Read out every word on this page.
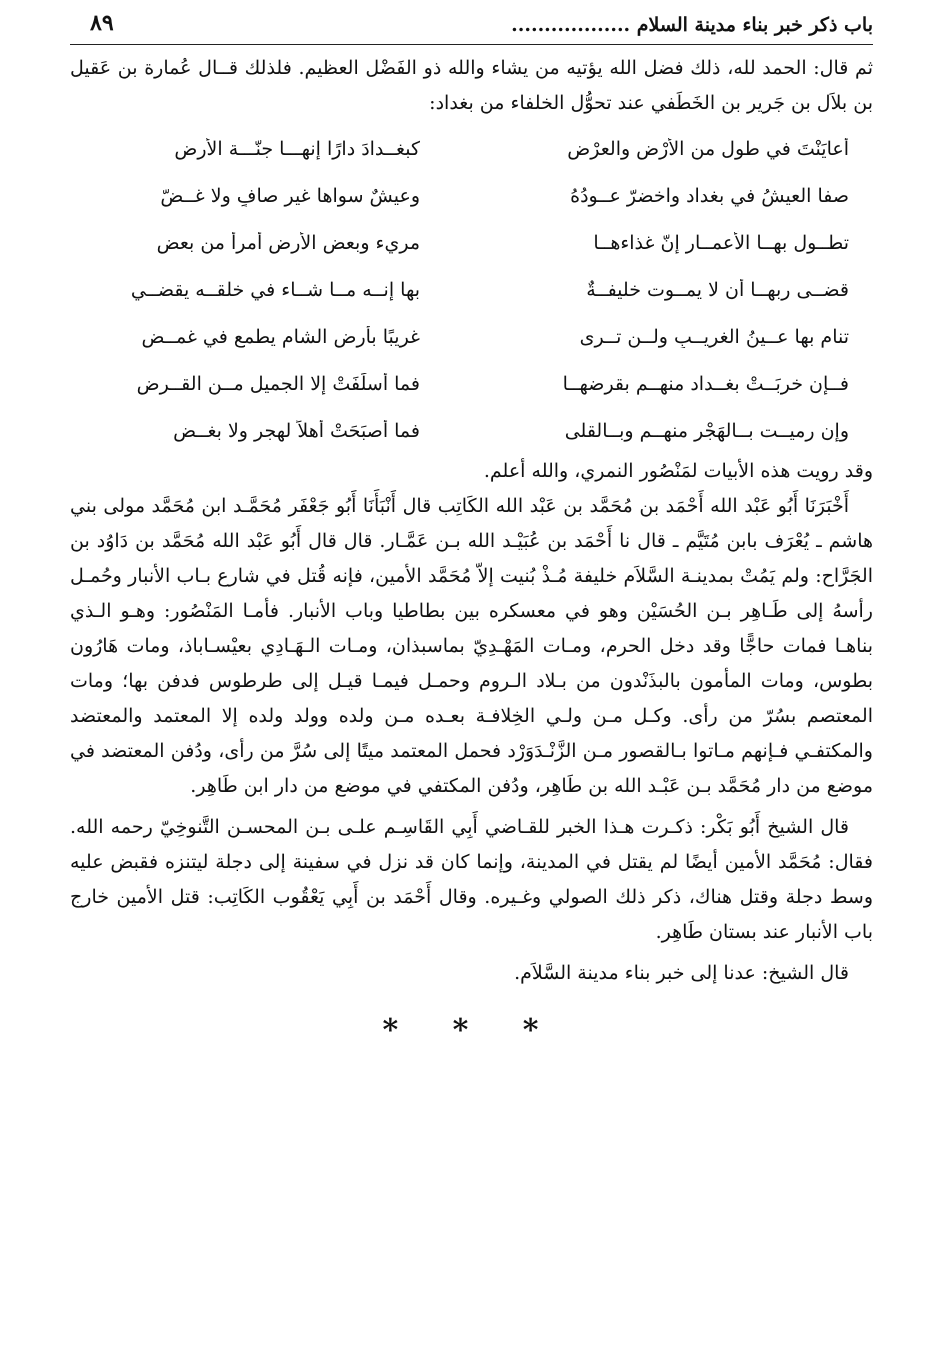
باب ذكر خبر بناء مدينة السلام ..................
٨٩

ثم قال: الحمد لله، ذلك فضل الله يؤتيه من يشاء والله ذو الفَضْل العظيم. فلذلك قــال عُمارة بن عَقيل بن بلاَل بن جَرير بن الخَطَفي عند تحوُّل الخلفاء من بغداد:

أعايَنْتَ في طول من الأرْضِ والعرْضِ
كبغــدادَ دارًا إنهـــا جنّـــة الأرض
صفا العيشُ في بغداد واخضرّ عــودُهُ
وعيشٌ سواها غير صافٍ ولا غــضّ
تطــول بهــا الأعمــار إنّ غذاءهــا
مريء وبعض الأرض أمرأ من بعض
قضــى ربهــا أن لا يمــوت خليفــةٌ
بها إنــه مــا شــاء في خلقــه يقضــي
تنام بها عــينُ الغريــبِ ولــن تــرى
غريبًا بأرض الشام يطمع في غمــض
فــإن خربَــتْ بغــداد منهــم بقرضهــا
فما أسلَفَتْ إلا الجميل مــن القــرض
وإن رميــت بــالهَجْر منهــم وبــالقلى
فما أصبَحَتْ أهلاً لهجر ولا بغــض

وقد رويت هذه الأبيات لمَنْصُور النمري، والله أعلم.

أَخْبَرَنَا أَبُو عَبْد الله أَحْمَد بن مُحَمَّد بن عَبْد الله الكَاتِب قال أَنْبَأَنَا أَبُو جَعْفَر مُحَمَّـد ابن مُحَمَّد مولى بني هاشم ـ يُعْرَف بابن مُتَيَّم ـ قال نا أَحْمَد بن عُبَيْـد الله بـن عَمَّـار. قال قال أَبُو عَبْد الله مُحَمَّد بن دَاوُد بن الجَرَّاح: ولم يَمُتْ بمدينـة السَّلاَم خليفة مُـذْ بُنيت إلاّ مُحَمَّد الأمين، فإنه قُتل في شارع بـاب الأنبار وحُمـل رأسهُ إلى طَـاهِر بـن الحُسَيْن وهو في معسكره بين بطاطيا وباب الأنبار. فأمـا المَنْصُور: وهـو الـذي بناهـا فمات حاجًّا وقد دخل الحرم، ومـات المَهْـدِيّ بماسبذان، ومـات الـهَـادِي بعيْسـاباذ، ومات هَارُون بطوس، ومات المأمون بالبذَنْدون من بـلاد الـروم وحمـل فيمـا قيـل إلى طرطوس فدفن بها؛ ومات المعتصم بسُرّ من رأى. وكـل مـن ولـي الخِلافـة بعـده مـن ولده وولد ولده إلا المعتمد والمعتضد والمكتفـي فـإنهم مـاتوا بـالقصور مـن الزَّنْـدَوَرْد فحمل المعتمد ميتًا إلى سُرَّ من رأى، ودُفن المعتضد في موضع من دار مُحَمَّد بـن عَبْـد الله بن طَاهِر، ودُفن المكتفي في موضع من دار ابن طَاهِر.

قال الشيخ أَبُو بَكْر: ذكـرت هـذا الخبر للقـاضي أَبِي القَاسِـم علـى بـن المحسـن التَّنوخِيّ رحمه الله. فقال: مُحَمَّد الأمين أيضًا لم يقتل في المدينة، وإنما كان قد نزل في سفينة إلى دجلة ليتنزه فقبض عليه وسط دجلة وقتل هناك، ذكر ذلك الصولي وغـيره. وقال أَحْمَد بن أَبِي يَعْقُوب الكَاتِب: قتل الأمين خارج باب الأنبار عند بستان طَاهِر.

قال الشيخ: عدنا إلى خبر بناء مدينة السَّلاَم.

* * *
